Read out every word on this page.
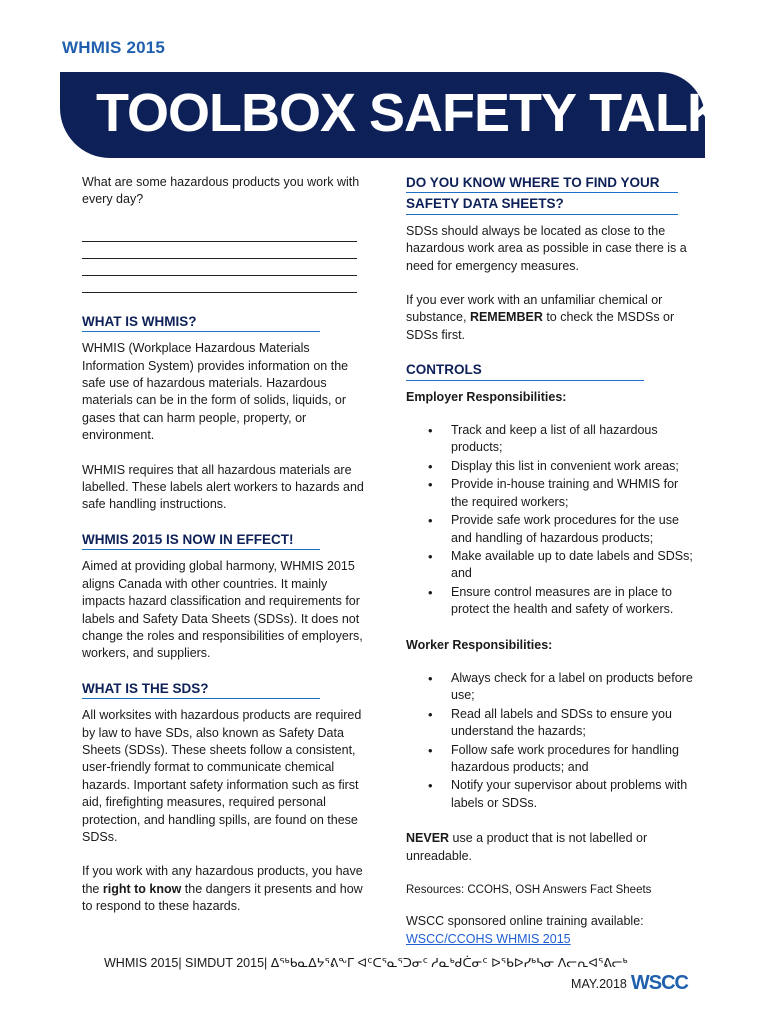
WHMIS 2015
TOOLBOX SAFETY TALK

What are some hazardous products you work with every day?

WHAT IS WHMIS?

WHMIS (Workplace Hazardous Materials Information System) provides information on the safe use of hazardous materials. Hazardous materials can be in the form of solids, liquids, or gases that can harm people, property, or environment.

WHMIS requires that all hazardous materials are labelled. These labels alert workers to hazards and safe handling instructions.

WHMIS 2015 IS NOW IN EFFECT!

Aimed at providing global harmony, WHMIS 2015 aligns Canada with other countries. It mainly impacts hazard classification and requirements for labels and Safety Data Sheets (SDSs). It does not change the roles and responsibilities of employers, workers, and suppliers.

WHAT IS THE SDS?

All worksites with hazardous products are required by law to have SDs, also known as Safety Data Sheets (SDSs). These sheets follow a consistent, user-friendly format to communicate chemical hazards. Important safety information such as first aid, firefighting measures, required personal protection, and handling spills, are found on these SDSs.

If you work with any hazardous products, you have the right to know the dangers it presents and how to respond to these hazards.

DO YOU KNOW WHERE TO FIND YOUR

SAFETY DATA SHEETS?

SDSs should always be located as close to the hazardous work area as possible in case there is a need for emergency measures.

If you ever work with an unfamiliar chemical or substance, REMEMBER to check the MSDSs or SDSs first.

CONTROLS

Employer Responsibilities:

• Track and keep a list of all hazardous products;
• Display this list in convenient work areas;
• Provide in-house training and WHMIS for the required workers;
• Provide safe work procedures for the use and handling of hazardous products;
• Make available up to date labels and SDSs; and
• Ensure control measures are in place to protect the health and safety of workers.

Worker Responsibilities:

• Always check for a label on products before use;
• Read all labels and SDSs to ensure you understand the hazards;
• Follow safe work procedures for handling hazardous products; and
• Notify your supervisor about problems with labels or SDSs.

NEVER use a product that is not labelled or unreadable.

Resources: CCOHS, OSH Answers Fact Sheets

WSCC sponsored online training available:

WSCC/CCOHS WHMIS 2015
WHMIS 2015| SIMDUT 2015| ᐃᖅᑲᓇᐃᔭᕐᕕᖕᒥ ᐊᑦᑕᕐᓇᕐᑐᓂᑦ ᓱᓇᒃᑯᑖᓂᑦ ᐅᖃᐅᓯᒃᓴᓂ ᐱᓕᕆᐊᕐᕕᓕᒃ
MAY.2018 WSCC
